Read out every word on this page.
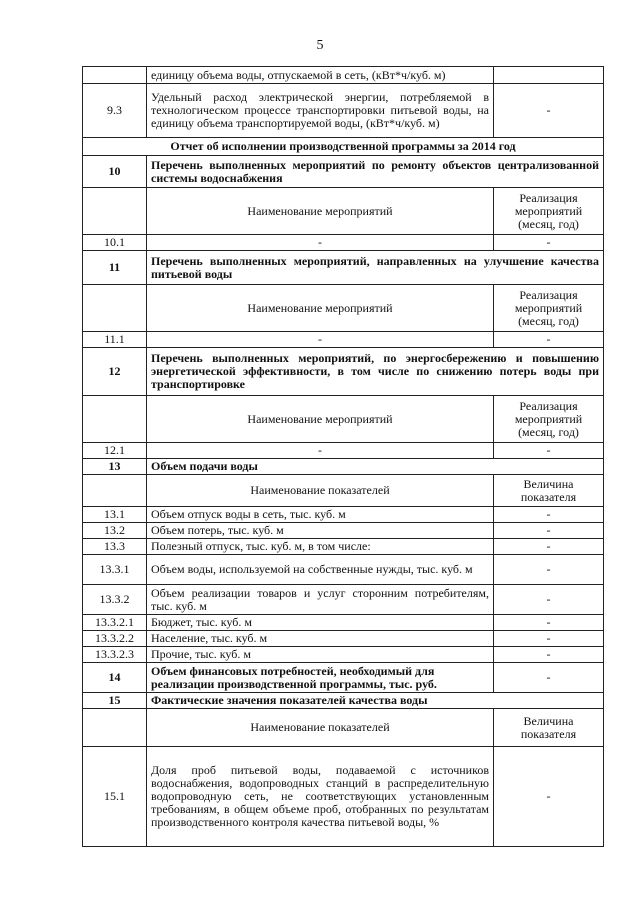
5
	единицу объема воды, отпускаемой в сеть, (кВт*ч/куб. м)	
9.3	Удельный расход электрической энергии, потребляемой в технологическом процессе транспортировки питьевой воды, на единицу объема транспортируемой воды, (кВт*ч/куб. м)	-
Отчет об исполнении производственной программы за 2014 год		
10	Перечень выполненных мероприятий по ремонту объектов централизованной системы водоснабжения	
	Наименование мероприятий	Реализация мероприятий (месяц, год)
10.1	-	-
11	Перечень выполненных мероприятий, направленных на улучшение качества питьевой воды	
	Наименование мероприятий	Реализация мероприятий (месяц, год)
11.1	-	-
12	Перечень выполненных мероприятий, по энергосбережению и повышению энергетической эффективности, в том числе по снижению потерь воды при транспортировке	
	Наименование мероприятий	Реализация мероприятий (месяц, год)
12.1	-	-
13	Объем подачи воды	
	Наименование показателей	Величина показателя
13.1	Объем отпуск воды в сеть, тыс. куб. м	-
13.2	Объем потерь, тыс. куб. м	-
13.3	Полезный отпуск, тыс. куб. м, в том числе:	-
13.3.1	Объем воды, используемой на собственные нужды, тыс. куб. м	-
13.3.2	Объем реализации товаров и услуг сторонним потребителям, тыс. куб. м	-
13.3.2.1	Бюджет, тыс. куб. м	-
13.3.2.2	Население, тыс. куб. м	-
13.3.2.3	Прочие, тыс. куб. м	-
14	Объем финансовых потребностей, необходимый для реализации производственной программы, тыс. руб.	-
15	Фактические значения показателей качества воды	
	Наименование показателей	Величина показателя
15.1	Доля проб питьевой воды, подаваемой с источников водоснабжения, водопроводных станций в распределительную водопроводную сеть, не соответствующих установленным требованиям, в общем объеме проб, отобранных по результатам производственного контроля качества питьевой воды, %	-
